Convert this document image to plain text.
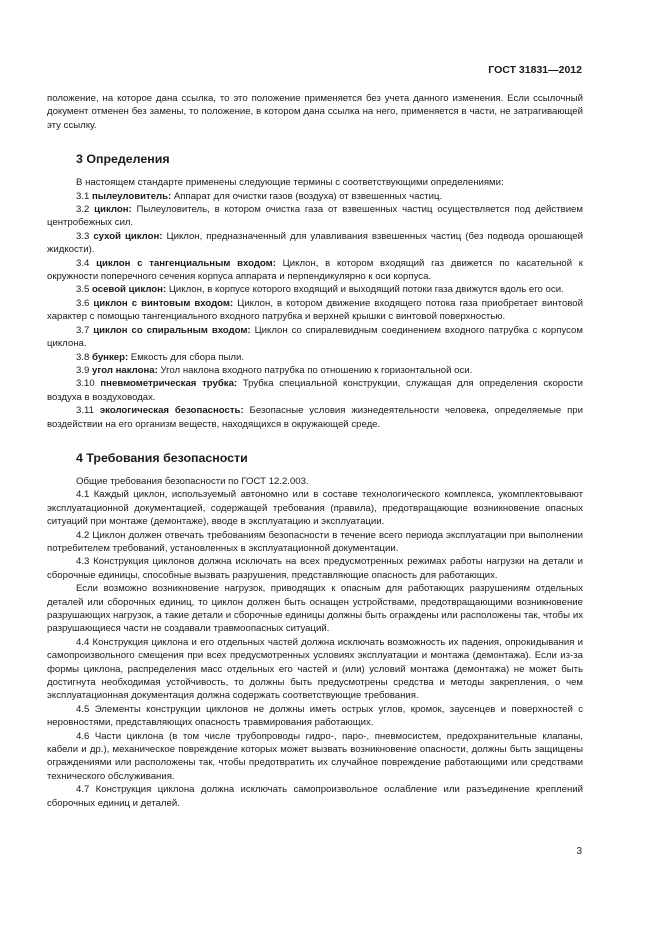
ГОСТ 31831—2012

положение, на которое дана ссылка, то это положение применяется без учета данного изменения. Если ссылочный документ отменен без замены, то положение, в котором дана ссылка на него, применяется в части, не затрагивающей эту ссылку.

3 Определения

В настоящем стандарте применены следующие термины с соответствующими определениями:

3.1 пылеуловитель: Аппарат для очистки газов (воздуха) от взвешенных частиц.

3.2 циклон: Пылеуловитель, в котором очистка газа от взвешенных частиц осуществляется под действием центробежных сил.

3.3 сухой циклон: Циклон, предназначенный для улавливания взвешенных частиц (без подвода орошающей жидкости).

3.4 циклон с тангенциальным входом: Циклон, в котором входящий газ движется по касательной к окружности поперечного сечения корпуса аппарата и перпендикулярно к оси корпуса.

3.5 осевой циклон: Циклон, в корпусе которого входящий и выходящий потоки газа движутся вдоль его оси.

3.6 циклон с винтовым входом: Циклон, в котором движение входящего потока газа приобретает винтовой характер с помощью тангенциального входного патрубка и верхней крышки с винтовой поверхностью.

3.7 циклон со спиральным входом: Циклон со спиралевидным соединением входного патрубка с корпусом циклона.

3.8 бункер: Емкость для сбора пыли.

3.9 угол наклона: Угол наклона входного патрубка по отношению к горизонтальной оси.

3.10 пневмометрическая трубка: Трубка специальной конструкции, служащая для определения скорости воздуха в воздуховодах.

3.11 экологическая безопасность: Безопасные условия жизнедеятельности человека, определяемые при воздействии на его организм веществ, находящихся в окружающей среде.

4 Требования безопасности

Общие требования безопасности по ГОСТ 12.2.003.

4.1 Каждый циклон, используемый автономно или в составе технологического комплекса, укомплектовывают эксплуатационной документацией, содержащей требования (правила), предотвращающие возникновение опасных ситуаций при монтаже (демонтаже), вводе в эксплуатацию и эксплуатации.

4.2 Циклон должен отвечать требованиям безопасности в течение всего периода эксплуатации при выполнении потребителем требований, установленных в эксплуатационной документации.

4.3 Конструкция циклонов должна исключать на всех предусмотренных режимах работы нагрузки на детали и сборочные единицы, способные вызвать разрушения, представляющие опасность для работающих.

Если возможно возникновение нагрузок, приводящих к опасным для работающих разрушениям отдельных деталей или сборочных единиц, то циклон должен быть оснащен устройствами, предотвращающими возникновение разрушающих нагрузок, а такие детали и сборочные единицы должны быть ограждены или расположены так, чтобы их разрушающиеся части не создавали травмоопасных ситуаций.

4.4 Конструкция циклона и его отдельных частей должна исключать возможность их падения, опрокидывания и самопроизвольного смещения при всех предусмотренных условиях эксплуатации и монтажа (демонтажа). Если из-за формы циклона, распределения масс отдельных его частей и (или) условий монтажа (демонтажа) не может быть достигнута необходимая устойчивость, то должны быть предусмотрены средства и методы закрепления, о чем эксплуатационная документация должна содержать соответствующие требования.

4.5 Элементы конструкции циклонов не должны иметь острых углов, кромок, заусенцев и поверхностей с неровностями, представляющих опасность травмирования работающих.

4.6 Части циклона (в том числе трубопроводы гидро-, паро-, пневмосистем, предохранительные клапаны, кабели и др.), механическое повреждение которых может вызвать возникновение опасности, должны быть защищены ограждениями или расположены так, чтобы предотвратить их случайное повреждение работающими или средствами технического обслуживания.

4.7 Конструкция циклона должна исключать самопроизвольное ослабление или разъединение креплений сборочных единиц и деталей.

3
